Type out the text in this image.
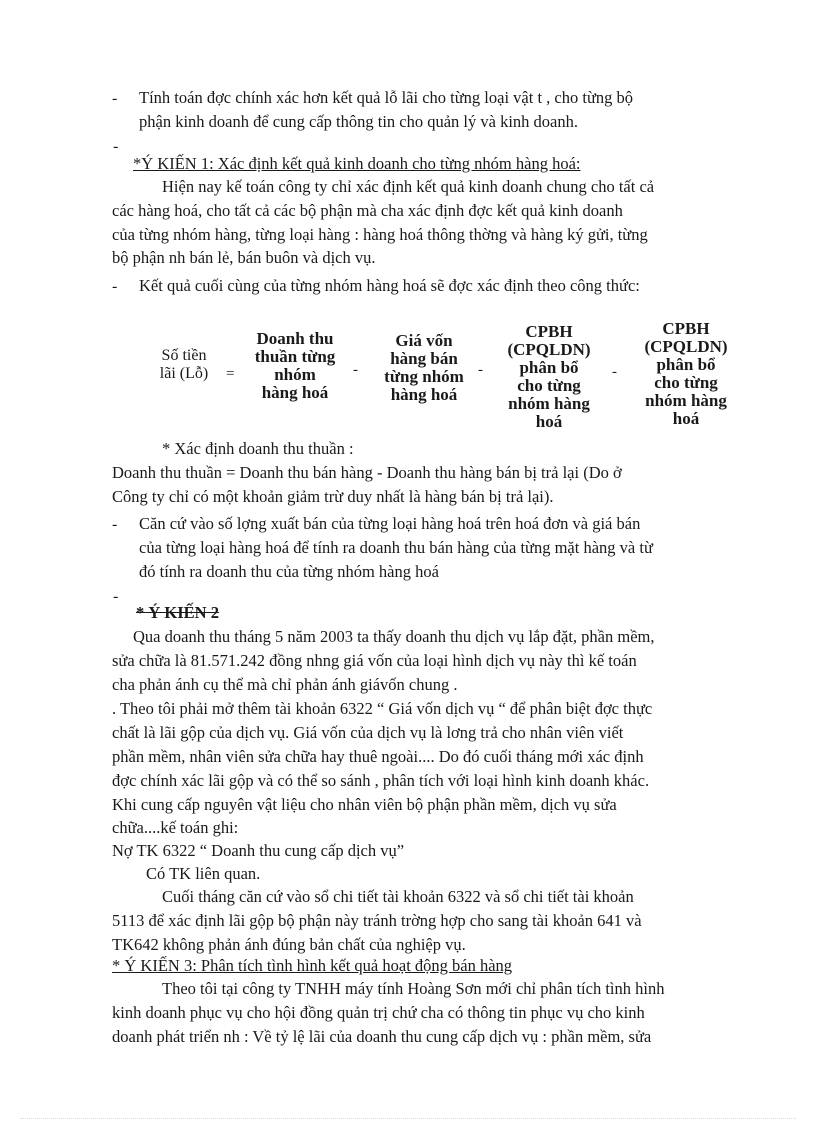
- Tính toán đợc chính xác hơn kết quả lỗ lãi cho từng loại vật t , cho từng bộ
phận kinh doanh để cung cấp thông tin cho quản lý và kinh doanh.
-
*Ý KIẾN 1: Xác định kết quả kinh doanh cho từng nhóm hàng hoá:
Hiện nay kế toán công ty chỉ xác định kết quả kinh doanh chung cho tất cả
các hàng hoá, cho tất cả các bộ phận mà cha xác định đợc kết quả kinh doanh
của từng nhóm hàng, từng loại hàng : hàng hoá thông thờng và hàng ký gửi, từng
bộ phận nh bán lẻ, bán buôn và dịch vụ.
- Kết quả cuối cùng của từng nhóm hàng hoá sẽ đợc xác định theo công thức:
Số tiền
lãi (Lỗ)	=
Doanh thu
thuần từng
nhóm
hàng hoá
-
Giá vốn
hàng bán
từng nhóm
hàng hoá
-
CPBH
(CPQLDN)
phân bổ
cho từng
nhóm hàng
hoá
-
CPBH
(CPQLDN)
phân bổ
cho từng
nhóm hàng
hoá
* Xác định doanh thu thuần :
Doanh thu thuần = Doanh thu bán hàng - Doanh thu hàng bán bị trả lại (Do ở
Công ty chỉ có một khoản giảm trừ duy nhất là hàng bán bị trả lại).
- Căn cứ vào số lợng xuất bán của từng loại hàng hoá trên hoá đơn và giá bán
của từng loại hàng hoá để tính ra doanh thu bán hàng của từng mặt hàng và từ
đó tính ra doanh thu của từng nhóm hàng hoá
-
* Ý KIẾN 2
Qua doanh thu tháng 5 năm 2003 ta thấy doanh thu dịch vụ lắp đặt, phần mềm,
sửa chữa là 81.571.242 đồng nhng giá vốn của loại hình dịch vụ này thì kế toán
cha phản ánh cụ thể mà chỉ phản ánh giávốn chung .
. Theo tôi phải mở thêm tài khoản 6322 “ Giá vốn dịch vụ “ để phân biệt đợc thực
chất là lãi gộp của dịch vụ. Giá vốn của dịch vụ là lơng trả cho nhân viên viết
phần mềm, nhân viên sửa chữa hay thuê ngoài.... Do đó cuối tháng mới xác định
đợc chính xác lãi gộp và có thể so sánh , phân tích với loại hình kinh doanh khác.
Khi cung cấp nguyên vật liệu cho nhân viên bộ phận phần mềm, dịch vụ sửa
chữa....kế toán ghi:
Nợ TK 6322 “ Doanh thu cung cấp dịch vụ”
Có TK liên quan.
Cuối tháng căn cứ vào sổ chi tiết tài khoản 6322 và sổ chi tiết tài khoản
5113 để xác định lãi gộp bộ phận này tránh trờng hợp cho sang tài khoản 641 và
TK642 không phản ánh đúng bản chất của nghiệp vụ.
* Ý KIẾN 3: Phân tích tình hình kết quả hoạt động bán hàng
Theo tôi tại công ty TNHH máy tính Hoàng Sơn mới chỉ phân tích tình hình
kinh doanh phục vụ cho hội đồng quản trị chứ cha có thông tin phục vụ cho kinh
doanh phát triển nh : Về tỷ lệ lãi của doanh thu cung cấp dịch vụ : phần mềm, sửa
